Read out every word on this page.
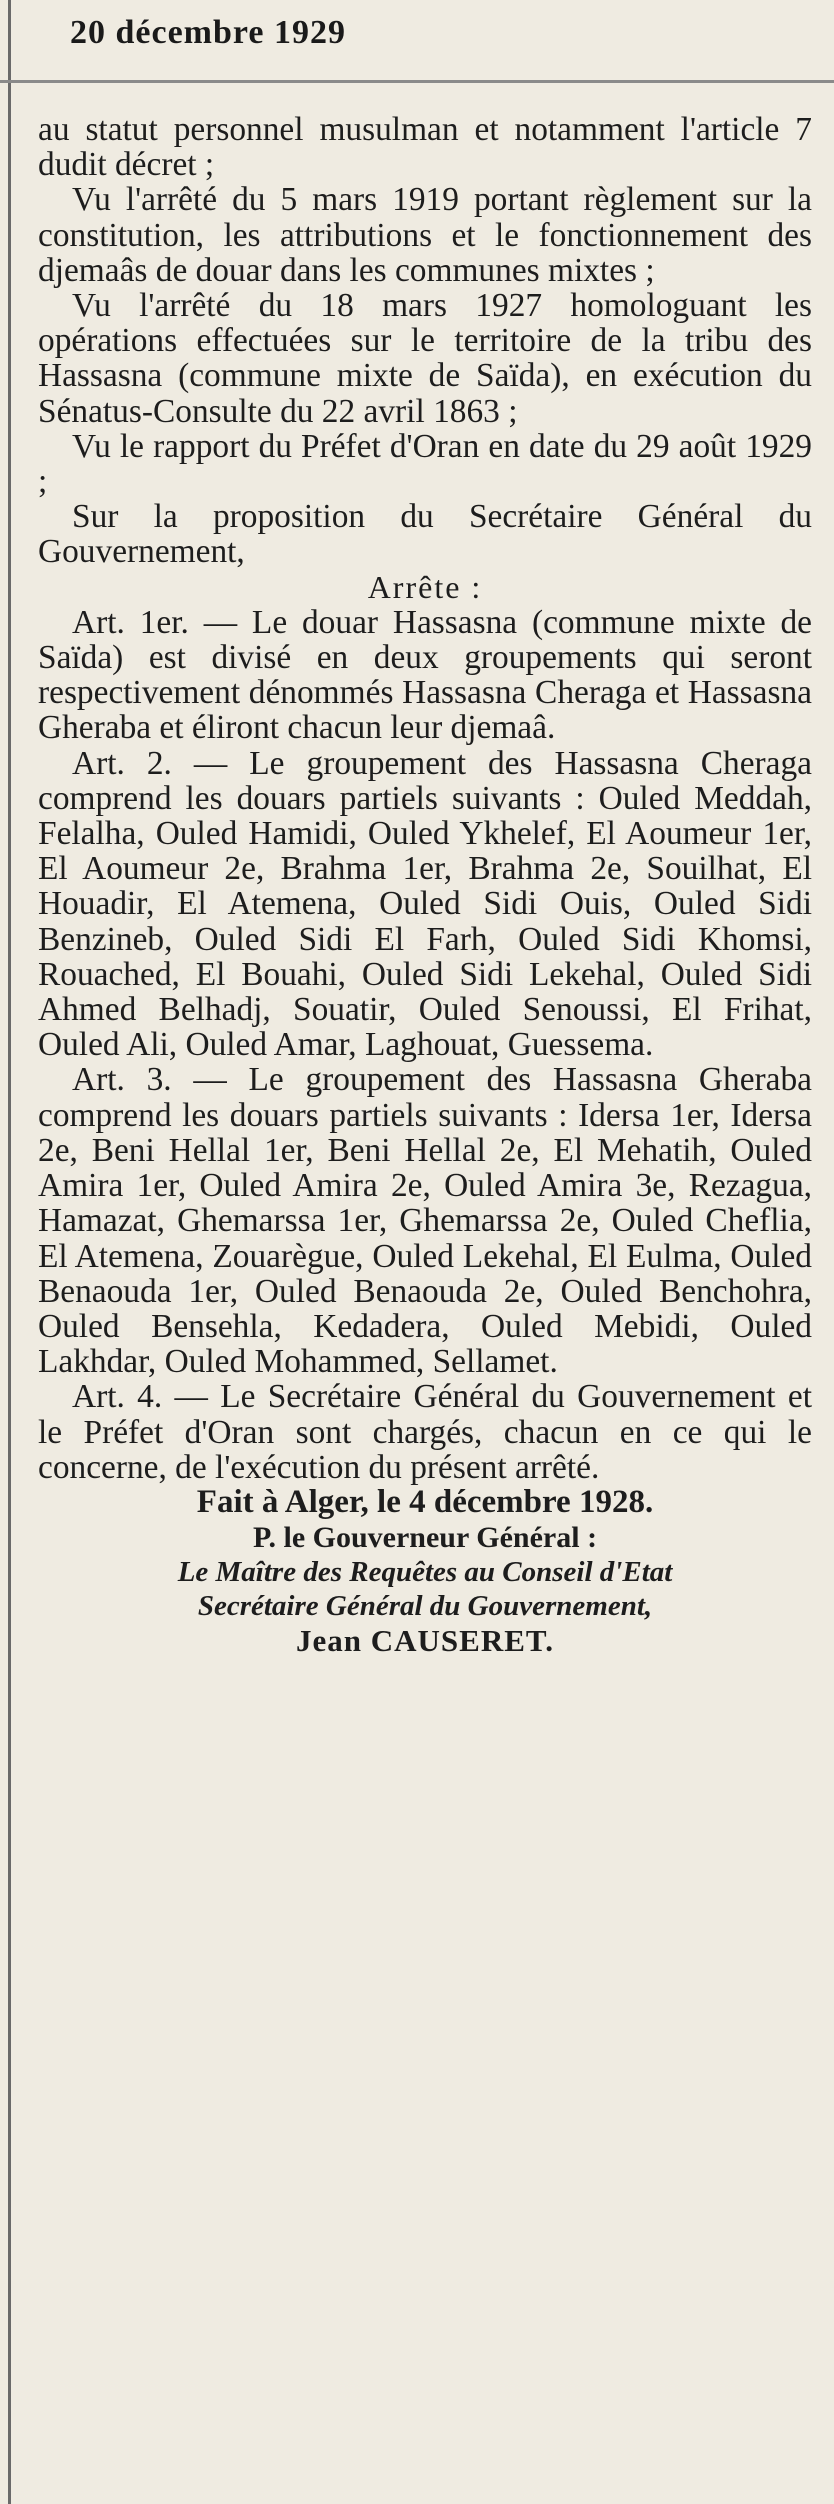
20 décembre 1929

au statut personnel musulman et notamment l'article 7 dudit décret ;

Vu l'arrêté du 5 mars 1919 portant règlement sur la constitution, les attributions et le fonctionnement des djemaâs de douar dans les communes mixtes ;

Vu l'arrêté du 18 mars 1927 homologuant les opérations effectuées sur le territoire de la tribu des Hassasna (commune mixte de Saïda), en exécution du Sénatus-Consulte du 22 avril 1863 ;

Vu le rapport du Préfet d'Oran en date du 29 août 1929 ;

Sur la proposition du Secrétaire Général du Gouvernement,

Arrête :

Art. 1er. — Le douar Hassasna (commune mixte de Saïda) est divisé en deux groupements qui seront respectivement dénommés Hassasna Cheraga et Hassasna Gheraba et éliront chacun leur djemaâ.

Art. 2. — Le groupement des Hassasna Cheraga comprend les douars partiels suivants : Ouled Meddah, Felalha, Ouled Hamidi, Ouled Ykhelef, El Aoumeur 1er, El Aoumeur 2e, Brahma 1er, Brahma 2e, Souilhat, El Houadir, El Atemena, Ouled Sidi Ouis, Ouled Sidi Benzineb, Ouled Sidi El Farh, Ouled Sidi Khomsi, Rouached, El Bouahi, Ouled Sidi Lekehal, Ouled Sidi Ahmed Belhadj, Souatir, Ouled Senoussi, El Frihat, Ouled Ali, Ouled Amar, Laghouat, Guessema.

Art. 3. — Le groupement des Hassasna Gheraba comprend les douars partiels suivants : Idersa 1er, Idersa 2e, Beni Hellal 1er, Beni Hellal 2e, El Mehatih, Ouled Amira 1er, Ouled Amira 2e, Ouled Amira 3e, Rezagua, Hamazat, Ghemarssa 1er, Ghemarssa 2e, Ouled Cheflia, El Atemena, Zouarègue, Ouled Lekehal, El Eulma, Ouled Benaouda 1er, Ouled Benaouda 2e, Ouled Benchohra, Ouled Bensehla, Kedadera, Ouled Mebidi, Ouled Lakhdar, Ouled Mohammed, Sellamet.

Art. 4. — Le Secrétaire Général du Gouvernement et le Préfet d'Oran sont chargés, chacun en ce qui le concerne, de l'exécution du présent arrêté.

Fait à Alger, le 4 décembre 1928.

P. le Gouverneur Général :

Le Maître des Requêtes au Conseil d'Etat

Secrétaire Général du Gouvernement,

Jean CAUSERET.
